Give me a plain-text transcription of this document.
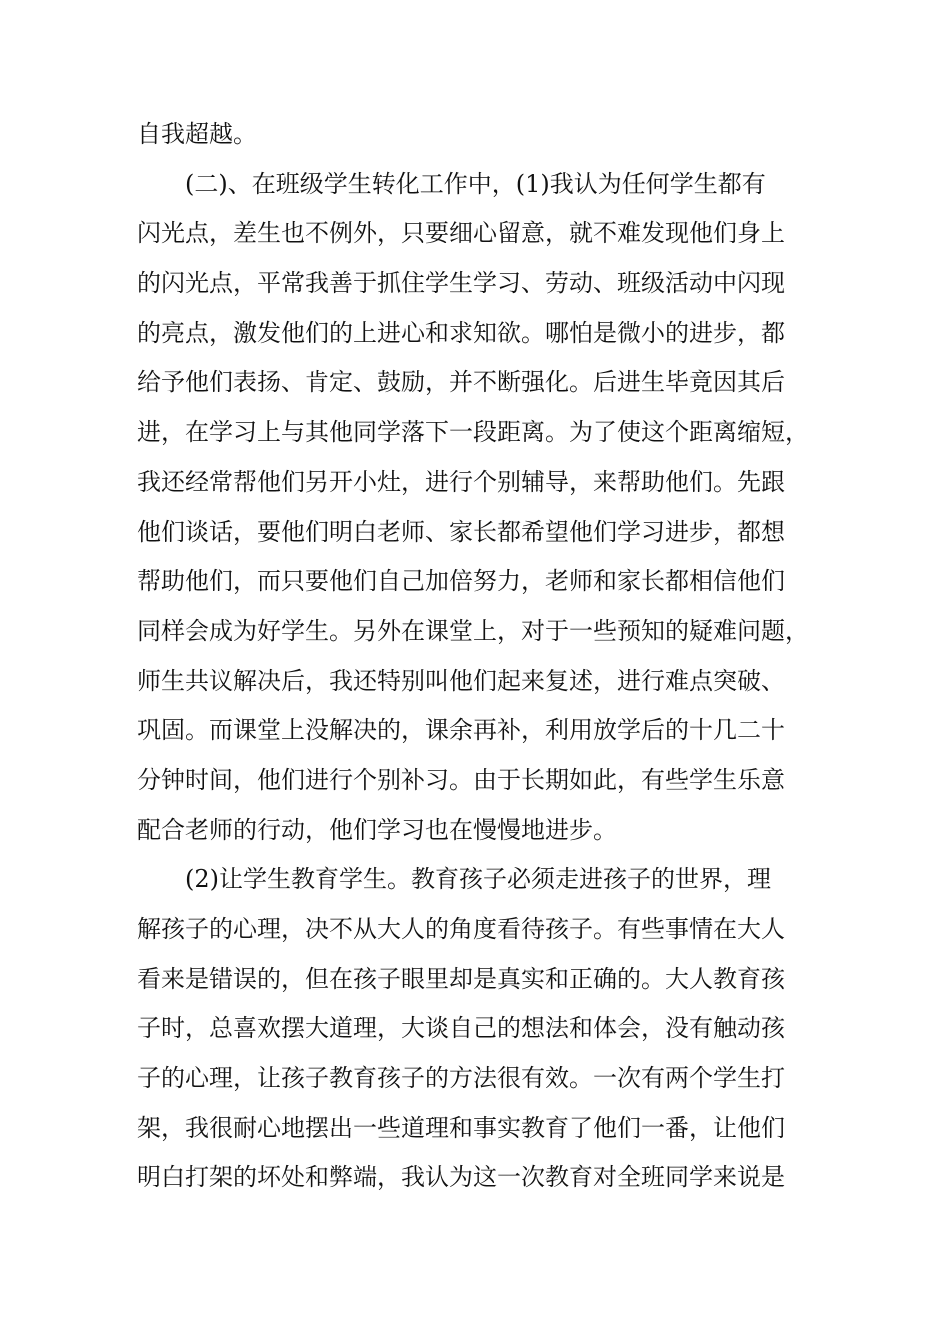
自我超越。
(二)、在班级学生转化工作中，(1)我认为任何学生都有
闪光点，差生也不例外，只要细心留意，就不难发现他们身上
的闪光点，平常我善于抓住学生学习、劳动、班级活动中闪现
的亮点，激发他们的上进心和求知欲。哪怕是微小的进步，都
给予他们表扬、肯定、鼓励，并不断强化。后进生毕竟因其后
进，在学习上与其他同学落下一段距离。为了使这个距离缩短，
我还经常帮他们另开小灶，进行个别辅导，来帮助他们。先跟
他们谈话，要他们明白老师、家长都希望他们学习进步，都想
帮助他们，而只要他们自己加倍努力，老师和家长都相信他们
同样会成为好学生。另外在课堂上，对于一些预知的疑难问题，
师生共议解决后，我还特别叫他们起来复述，进行难点突破、
巩固。而课堂上没解决的，课余再补，利用放学后的十几二十
分钟时间，他们进行个别补习。由于长期如此，有些学生乐意
配合老师的行动，他们学习也在慢慢地进步。
(2)让学生教育学生。教育孩子必须走进孩子的世界，理
解孩子的心理，决不从大人的角度看待孩子。有些事情在大人
看来是错误的，但在孩子眼里却是真实和正确的。大人教育孩
子时，总喜欢摆大道理，大谈自己的想法和体会，没有触动孩
子的心理，让孩子教育孩子的方法很有效。一次有两个学生打
架，我很耐心地摆出一些道理和事实教育了他们一番，让他们
明白打架的坏处和弊端，我认为这一次教育对全班同学来说是
